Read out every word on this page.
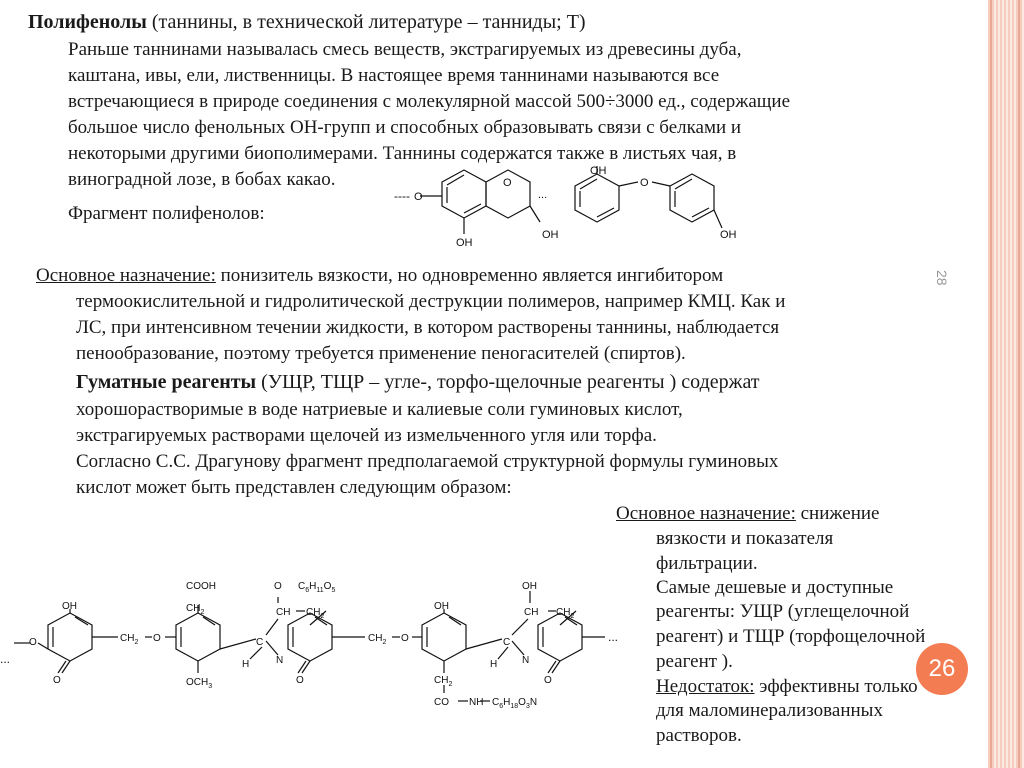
Полифенолы (таннины, в технической литературе – танниды; Т)
Раньше таннинами называлась смесь веществ, экстрагируемых из древесины дуба,
каштана, ивы, ели, лиственницы. В настоящее время таннинами называются все
встречающиеся в природе соединения с молекулярной массой 500÷3000 ед., содержащие
большое число фенольных ОН-групп и способных образовывать связи с белками и
некоторыми другими биополимерами. Таннины содержатся также в листьях чая, в
виноградной лозе, в бобах какао.
Фрагмент полифенолов:
---- O
O
...
OH
OH
OH
O
OH
Основное назначение: понизитель вязкости, но одновременно является ингибитором
термоокислительной и гидролитической деструкции полимеров, например КМЦ. Как и
ЛС, при интенсивном течении жидкости, в котором растворены таннины, наблюдается
пенообразование, поэтому требуется применение пеногасителей (спиртов).
Гуматные реагенты (УЩР, ТЩР – угле-, торфо-щелочные реагенты ) содержат
хорошорастворимые в воде натриевые и калиевые соли гуминовых кислот,
экстрагируемых растворами щелочей из измельченного угля или торфа.
Согласно С.С. Драгунову фрагмент предполагаемой структурной формулы гуминовых
кислот может быть представлен следующим образом:
Основное назначение: снижение
вязкости и показателя
фильтрации.
Самые дешевые и доступные
реагенты: УЩР (углещелочной
реагент) и ТЩР (торфощелочной
реагент ).
Недостаток: эффективны только
для маломинерализованных
растворов.
OH
O
O
$CH_2$ O
COOH
$CH_2$
$OCH_3$
O $C_6H_{11}O_5$
CH $CH_2$
C
H	N
O
$CH_2$ O
OH
$CH_2$
CO NH $C_6H_{18}O_3N$
OH
CH $CH_2$
C
H N
O
...
...
28
26
